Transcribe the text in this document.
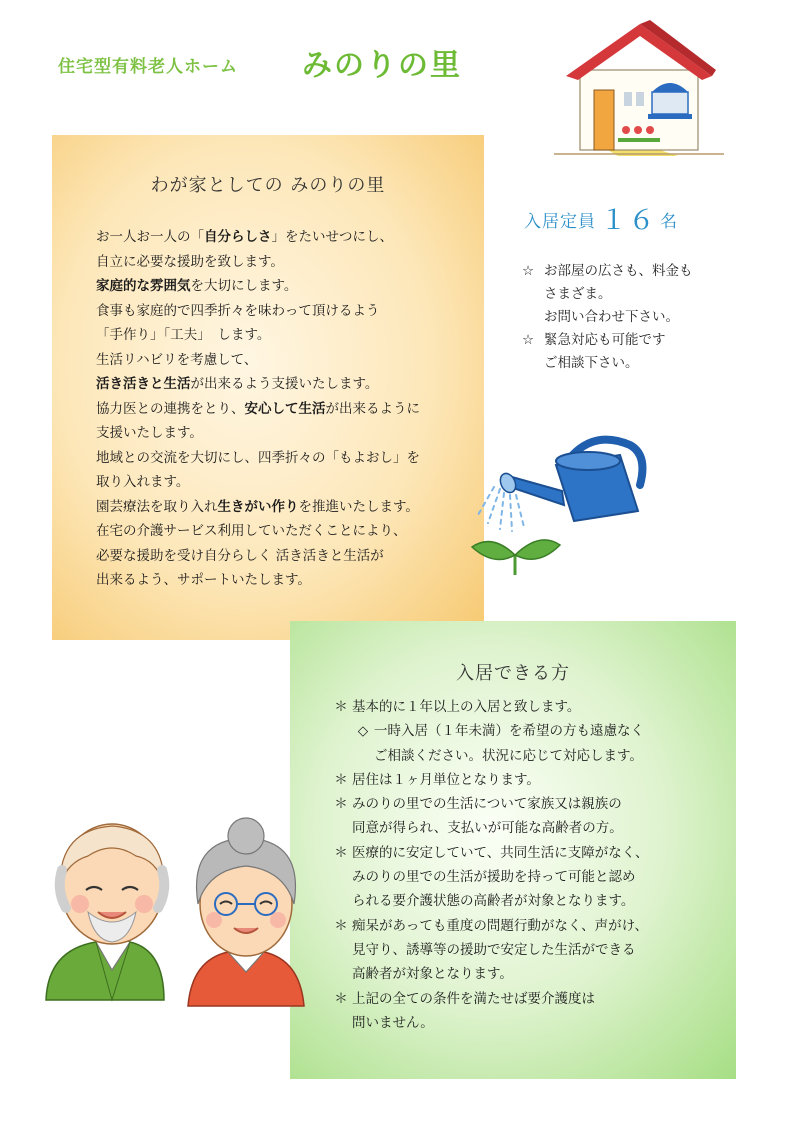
住宅型有料老人ホーム みのりの里
わが家としての みのりの里
お一人お一人の「自分らしさ」をたいせつにし、
自立に必要な援助を致します。
家庭的な雰囲気を大切にします。
食事も家庭的で四季折々を味わって頂けるよう
「手作り」「工夫」　します。
生活リハビリを考慮して、
活き活きと生活が出来るよう支援いたします。
協力医との連携をとり、安心して生活が出来るように
支援いたします。
地域との交流を大切にし、四季折々の「もよおし」を
取り入れます。
園芸療法を取り入れ生きがい作りを推進いたします。
在宅の介護サービス利用していただくことにより、
必要な援助を受け自分らしく 活き活きと生活が
出来るよう、サポートいたします。
入居定員 １６ 名
☆ お部屋の広さも、料金も
さまざま。
お問い合わせ下さい。
☆ 緊急対応も可能です
ご相談下さい。
入居できる方
＊ 基本的に１年以上の入居と致します。
◇ 一時入居（１年未満）を希望の方も遠慮なく
ご相談ください。状況に応じて対応します。
＊ 居住は１ヶ月単位となります。
＊ みのりの里での生活について家族又は親族の
同意が得られ、支払いが可能な高齢者の方。
＊ 医療的に安定していて、共同生活に支障がなく、
みのりの里での生活が援助を持って可能と認め
られる要介護状態の高齢者が対象となります。
＊ 痴呆があっても重度の問題行動がなく、声がけ、
見守り、誘導等の援助で安定した生活ができる
高齢者が対象となります。
＊ 上記の全ての条件を満たせば要介護度は
問いません。
